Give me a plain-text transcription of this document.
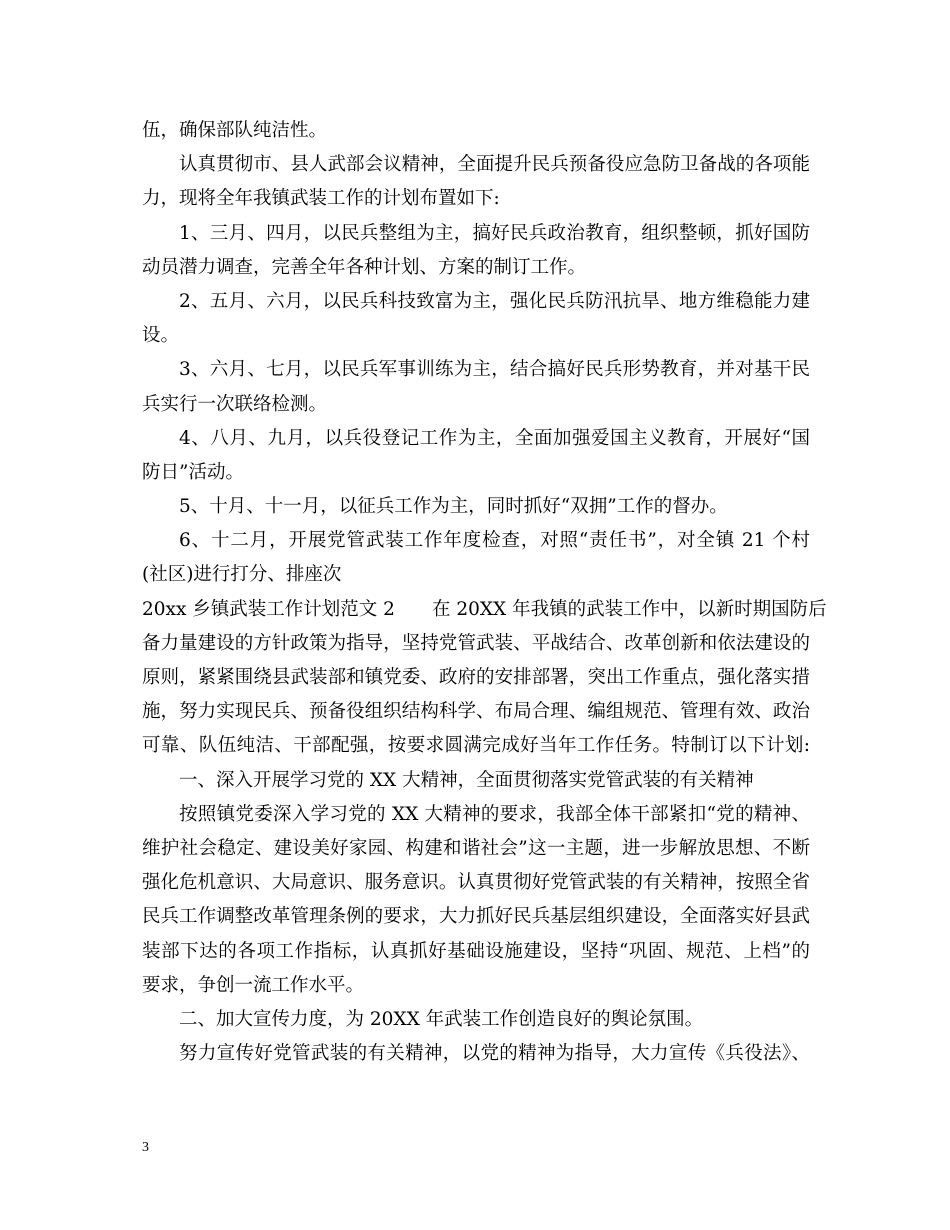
伍，确保部队纯洁性。
认真贯彻市、县人武部会议精神，全面提升民兵预备役应急防卫备战的各项能
力，现将全年我镇武装工作的计划布置如下:
1、三月、四月，以民兵整组为主，搞好民兵政治教育，组织整顿，抓好国防
动员潜力调查，完善全年各种计划、方案的制订工作。
2、五月、六月，以民兵科技致富为主，强化民兵防汛抗旱、地方维稳能力建
设。
3、六月、七月，以民兵军事训练为主，结合搞好民兵形势教育，并对基干民
兵实行一次联络检测。
4、八月、九月，以兵役登记工作为主，全面加强爱国主义教育，开展好“国
防日”活动。
5、十月、十一月，以征兵工作为主，同时抓好“双拥”工作的督办。
6、十二月，开展党管武装工作年度检查，对照“责任书”，对全镇 21 个村
(社区)进行打分、排座次
20xx 乡镇武装工作计划范文 2　　在 20XX 年我镇的武装工作中，以新时期国防后
备力量建设的方针政策为指导，坚持党管武装、平战结合、改革创新和依法建设的
原则，紧紧围绕县武装部和镇党委、政府的安排部署，突出工作重点，强化落实措
施，努力实现民兵、预备役组织结构科学、布局合理、编组规范、管理有效、政治
可靠、队伍纯洁、干部配强，按要求圆满完成好当年工作任务。特制订以下计划:
一、深入开展学习党的 XX 大精神，全面贯彻落实党管武装的有关精神
按照镇党委深入学习党的 XX 大精神的要求，我部全体干部紧扣“党的精神、
维护社会稳定、建设美好家园、构建和谐社会”这一主题，进一步解放思想、不断
强化危机意识、大局意识、服务意识。认真贯彻好党管武装的有关精神，按照全省
民兵工作调整改革管理条例的要求，大力抓好民兵基层组织建设，全面落实好县武
装部下达的各项工作指标，认真抓好基础设施建设，坚持“巩固、规范、上档”的
要求，争创一流工作水平。
二、加大宣传力度，为 20XX 年武装工作创造良好的舆论氛围。
努力宣传好党管武装的有关精神，以党的精神为指导，大力宣传《兵役法》、
3
